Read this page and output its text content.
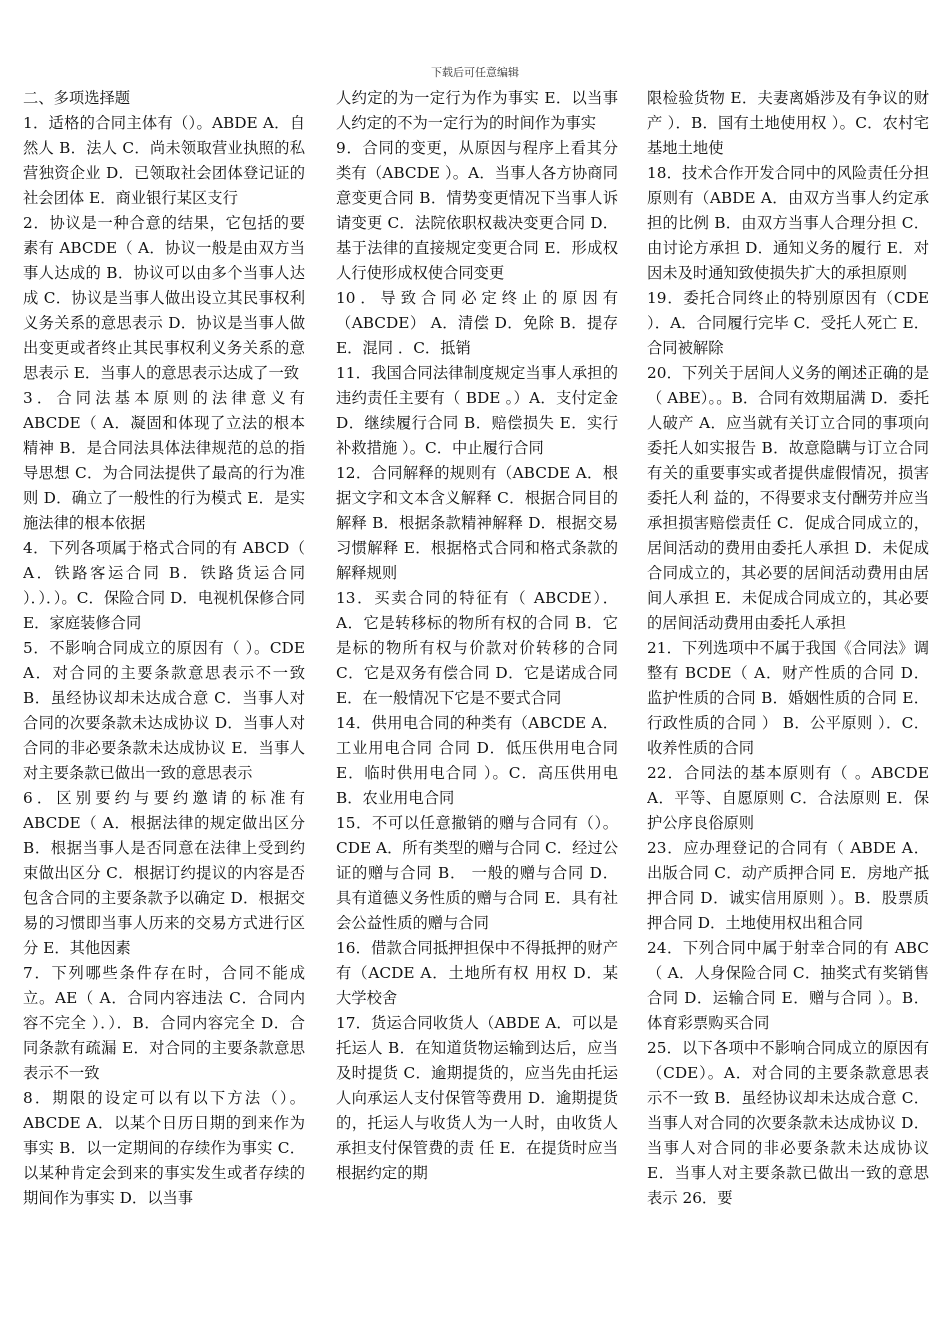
下载后可任意编辑

二、多项选择题

1．适格的合同主体有（）。ABDE A．自然人 B．法人 C．尚未领取营业执照的私营独资企业 D．已领取社会团体登记证的社会团体 E．商业银行某区支行

2．协议是一种合意的结果，它包括的要素有 ABCDE（ A．协议一般是由双方当事人达成的 B．协议可以由多个当事人达成 C．协议是当事人做出设立其民事权利义务关系的意思表示 D．协议是当事人做出变更或者终止其民事权利义务关系的意思表示 E．当事人的意思表示达成了一致

3．合同法基本原则的法律意义有 ABCDE（ A．凝固和体现了立法的根本精神 B．是合同法具体法律规范的总的指导思想 C．为合同法提供了最高的行为准则 D．确立了一般性的行为模式 E．是实施法律的根本依据

4．下列各项属于格式合同的有 ABCD（ A．铁路客运合同 B．铁路货运合同 ）．）．）。C．保险合同 D．电视机保修合同 E．家庭装修合同

5．不影响合同成立的原因有（ ）。CDE A．对合同的主要条款意思表示不一致 B．虽经协议却未达成合意 C．当事人对合同的次要条款未达成协议 D．当事人对合同的非必要条款未达成协议 E．当事人对主要条款已做出一致的意思表示

6．区别要约与要约邀请的标准有 ABCDE（ A．根据法律的规定做出区分 B．根据当事人是否同意在法律上受到约束做出区分 C．根据订约提议的内容是否包含合同的主要条款予以确定 D．根据交易的习惯即当事人历来的交易方式进行区分 E．其他因素

7．下列哪些条件存在时，合同不能成立。AE（ A．合同内容违法 C．合同内容不完全 ）．）．B．合同内容完全 D．合同条款有疏漏 E．对合同的主要条款意思表示不一致

8．期限的设定可以有以下方法（）。ABCDE A．以某个日历日期的到来作为事实 B．以一定期间的存续作为事实 C．以某种肯定会到来的事实发生或者存续的期间作为事实 D．以当事

人约定的为一定行为作为事实 E．以当事人约定的不为一定行为的时间作为事实

9．合同的变更，从原因与程序上看其分类有（ABCDE ）。A．当事人各方协商同意变更合同 B．情势变更情况下当事人诉请变更 C．法院依职权裁决变更合同 D．基于法律的直接规定变更合同 E．形成权人行使形成权使合同变更

10．导致合同必定终止的原因有（ABCDE） A．清偿 D．免除 B．提存 E．混同 ．C．抵销

11．我国合同法律制度规定当事人承担的违约责任主要有（ BDE 。）A．支付定金 D．继续履行合同 B．赔偿损失 E．实行补救措施 ）。C．中止履行合同

12．合同解释的规则有（ABCDE A．根据文字和文本含义解释 C．根据合同目的解释 B．根据条款精神解释 D．根据交易习惯解释 E．根据格式合同和格式条款的解释规则

13．买卖合同的特征有（ ABCDE）．A．它是转移标的物所有权的合同 B．它是标的物所有权与价款对价转移的合同 C．它是双务有偿合同 D．它是诺成合同 E．在一般情况下它是不要式合同

14．供用电合同的种类有（ABCDE A．工业用电合同 合同 D．低压供用电合同 E．临时供用电合同 ）。C．高压供用电 B．农业用电合同

15．不可以任意撤销的赠与合同有（）。CDE A．所有类型的赠与合同 C．经过公证的赠与合同 B． 一般的赠与合同 D． 具有道德义务性质的赠与合同 E．具有社会公益性质的赠与合同

16．借款合同抵押担保中不得抵押的财产有（ACDE A．土地所有权 用权 D．某大学校舍

17．货运合同收货人（ABDE A．可以是托运人 B．在知道货物运输到达后，应当及时提货 C．逾期提货的，应当先由托运人向承运人支付保管等费用 D．逾期提货的，托运人与收货人为一人时，由收货人承担支付保管费的责 任 E．在提货时应当根据约定的期

限检验货物 E．夫妻离婚涉及有争议的财产 ）．B．国有土地使用权 ）。C．农村宅基地土地使

18．技术合作开发合同中的风险责任分担原则有（ABDE A．由双方当事人约定承担的比例 B．由双方当事人合理分担 C．由讨论方承担 D．通知义务的履行 E．对因未及时通知致使损失扩大的承担原则

19．委托合同终止的特别原因有（CDE ）．A．合同履行完毕 C．受托人死亡 E．合同被解除

20．下列关于居间人义务的阐述正确的是（ ABE）。。B．合同有效期届满 D．委托人破产 A．应当就有关订立合同的事项向委托人如实报告 B．故意隐瞒与订立合同有关的重要事实或者提供虚假情况，损害委托人利 益的，不得要求支付酬劳并应当承担损害赔偿责任 C．促成合同成立的，居间活动的费用由委托人承担 D．未促成合同成立的，其必要的居间活动费用由居间人承担 E．未促成合同成立的，其必要的居间活动费用由委托人承担

21．下列选项中不属于我国《合同法》调整有 BCDE（ A．财产性质的合同 D．监护性质的合同 B．婚姻性质的合同 E．行政性质的合同 ） B．公平原则 ）．C．收养性质的合同

22．合同法的基本原则有（ 。ABCDE A．平等、自愿原则 C．合法原则 E．保护公序良俗原则

23．应办理登记的合同有（ ABDE A．出版合同 C．动产质押合同 E．房地产抵押合同 D．诚实信用原则 ）。B．股票质押合同 D．土地使用权出租合同

24．下列合同中属于射幸合同的有 ABC（ A．人身保险合同 C．抽奖式有奖销售合同 D．运输合同 E．赠与合同 ）。B．体育彩票购买合同

25．以下各项中不影响合同成立的原因有（CDE）。A．对合同的主要条款意思表示不一致 B．虽经协议却未达成合意 C．当事人对合同的次要条款未达成协议 D．当事人对合同的非必要条款未达成协议 E．当事人对主要条款已做出一致的意思表示 26．要
